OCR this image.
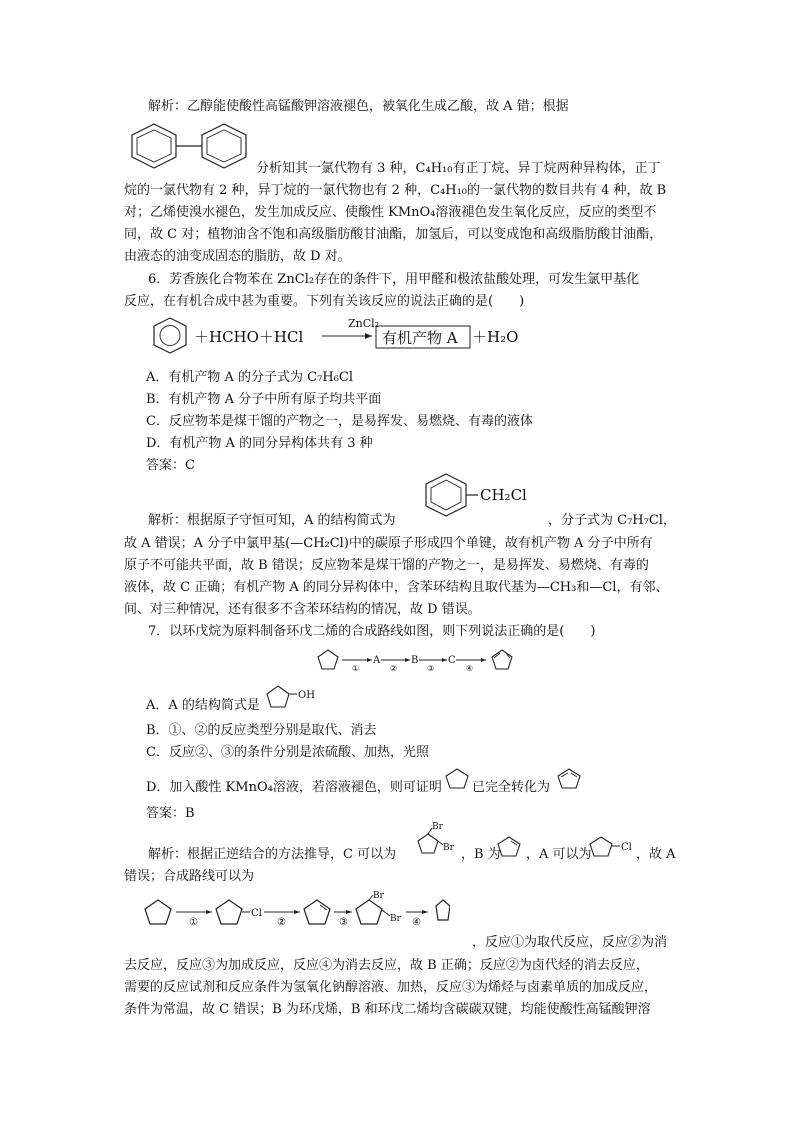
解析：乙醇能使酸性高锰酸钾溶液褪色，被氧化生成乙酸，故 A 错；根据
分析知其一氯代物有 3 种，C₄H₁₀有正丁烷、异丁烷两种异构体，正丁
烷的一氯代物有 2 种，异丁烷的一氯代物也有 2 种，C₄H₁₀的一氯代物的数目共有 4 种，故 B
对；乙烯使溴水褪色，发生加成反应、使酸性 KMnO₄溶液褪色发生氧化反应，反应的类型不
同，故 C 对；植物油含不饱和高级脂肪酸甘油酯，加氢后，可以变成饱和高级脂肪酸甘油酯，
由液态的油变成固态的脂肪，故 D 对。
6．芳香族化合物苯在 ZnCl₂存在的条件下，用甲醛和极浓盐酸处理，可发生氯甲基化
反应，在有机合成中甚为重要。下列有关该反应的说法正确的是(　　)
＋HCHO＋HCl
ZnCl₂
有机产物 A ＋H₂O
A．有机产物 A 的分子式为 C₇H₆Cl
B．有机产物 A 分子中所有原子均共平面
C．反应物苯是煤干馏的产物之一，是易挥发、易燃烧、有毒的液体
D．有机产物 A 的同分异构体共有 3 种
答案：C
CH₂Cl
解析：根据原子守恒可知，A 的结构简式为	，分子式为 C₇H₇Cl，
故 A 错误；A 分子中氯甲基(—CH₂Cl)中的碳原子形成四个单键，故有机产物 A 分子中所有
原子不可能共平面，故 B 错误；反应物苯是煤干馏的产物之一，是易挥发、易燃烧、有毒的
液体，故 C 正确；有机产物 A 的同分异构体中，含苯环结构且取代基为—CH₃和—Cl，有邻、
间、对三种情况，还有很多不含苯环结构的情况，故 D 错误。
7．以环戊烷为原料制备环戊二烯的合成路线如图，则下列说法正确的是(　　)
①
A
②
B
③
C
④
A．A 的结构简式是
OH
B．①、②的反应类型分别是取代、消去
C．反应②、③的条件分别是浓硫酸、加热，光照
D．加入酸性 KMnO₄溶液，若溶液褪色，则可证明 已完全转化为
答案：B
解析：根据正逆结合的方法推导，C 可以为
Br
Br ，B 为 ，A 可以为	Cl ，故 A
错误；合成路线可以为
①
Cl
②	③
Br
Br ④
，反应①为取代反应，反应②为消
去反应，反应③为加成反应，反应④为消去反应，故 B 正确；反应②为卤代烃的消去反应，
需要的反应试剂和反应条件为氢氧化钠醇溶液、加热，反应③为烯烃与卤素单质的加成反应，
条件为常温，故 C 错误；B 为环戊烯，B 和环戊二烯均含碳碳双键，均能使酸性高锰酸钾溶
